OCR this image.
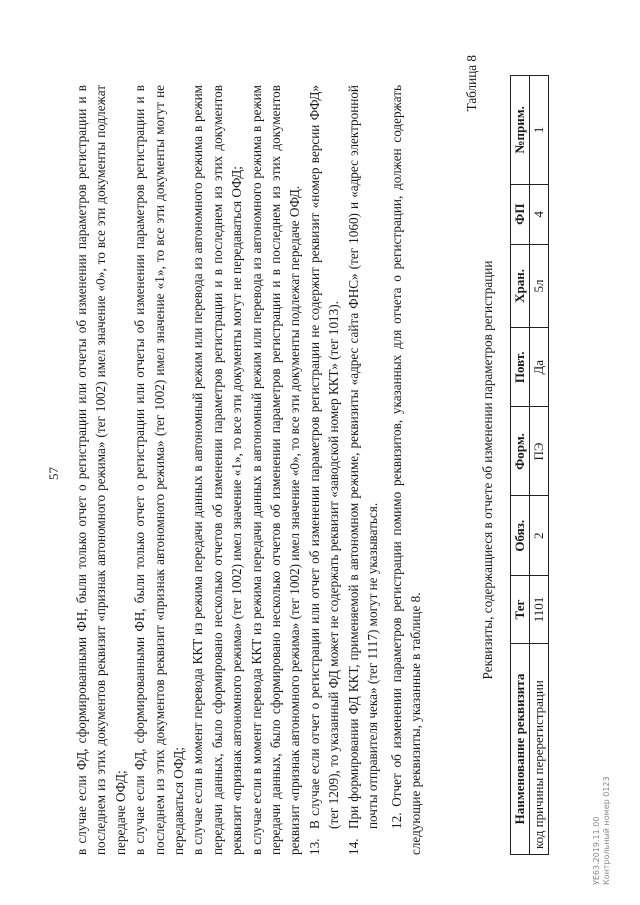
57 в случае если ФД, сформированными ФН, были только отчет о регистрации или отчеты об изменении параметров регистрации и в последнем из этих документов реквизит «признак автономного режима» (тег 1002) имел значение «0», то все эти документы подлежат передаче ОФД; в случае если ФД, сформированными ФН, были только отчет о регистрации или отчеты об изменении параметров регистрации и в последнем из этих документов реквизит «признак автономного режима» (тег 1002) имел значение «1», то все эти документы могут не передаваться ОФД; в случае если в момент перевода ККТ из режима передачи данных в автономный режим или перевода из автономного режима в режим передачи данных, было сформировано несколько отчетов об изменении параметров регистрации и в последнем из этих документов реквизит «признак автономного режима» (тег 1002) имел значение «1», то все эти документы могут не передаваться ОФД; в случае если в момент перевода ККТ из режима передачи данных в автономный режим или перевода из автономного режима в режим передачи данных, было сформировано несколько отчетов об изменении параметров регистрации и в последнем из этих документов реквизит «признак автономного режима» (тег 1002) имел значение «0», то все эти документы подлежат передаче ОФД. 13.
В случае если отчет о регистрации или отчет об изменении параметров регистрации не содержит реквизит «номер версии ФФД» (тег 1209), то указанный ФД может не содержать реквизит «заводской номер ККТ» (тег 1013).
14.
При формировании ФД ККТ, применяемой в автономном режиме, реквизиты «адрес сайта ФНС» (тег 1060) и «адрес электронной почты отправителя чека» (тег 1117) могут не указываться. 12. Отчет об изменении параметров регистрации помимо реквизитов, указанных для отчета о регистрации, должен содержать следующие реквизиты, указанные в таблице 8.

Таблица 8
Реквизиты, содержащиеся в отчете об изменении параметров регистрации
Наименование реквизита	Тег	Обяз.	Форм.	Повт.	Хран.	ФП	№прим.
код причины перерегистрации	1101	2	ПЭ	Да	5л	4	1
УЕ63.2019.11.00 Контрольный номер 0123
